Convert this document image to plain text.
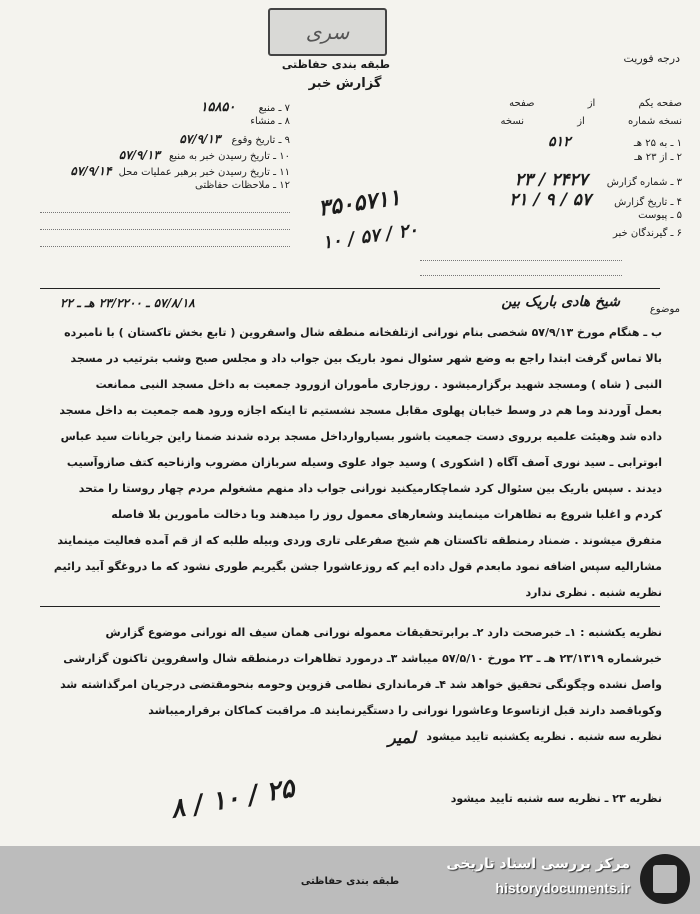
سری
طبقه بندی حفاظتی
گزارش خبر
درجه فوریت
۷ ـ منبع ۱۵۸۵۰
۸ ـ منشاء
۹ ـ تاریخ وقوع ۵۷/۹/۱۳
۱۰ ـ تاریخ رسیدن خبر به منبع ۵۷/۹/۱۳
۱۱ ـ تاریخ رسیدن خبر برهبر عملیات محل ۵۷/۹/۱۴
۱۲ ـ ملاحظات حفاظتی ۳۵۰۵۷۱۱
۱۰ / ۵۷ / ۲۰
صفحه یکم از صفحه
نسخه شماره از نسخه
۱ ـ به ۲۵ هـ ۵۱۲
۲ ـ از ۲۳ هـ
۳ ـ شماره گزارش ۲۴۲۷ / ۲۳
۴ ـ تاریخ گزارش ۵۷ / ۹ / ۲۱
۵ ـ پیوست
۶ ـ گیرندگان خبر
موضوع
شیخ هادی باریک بین
۵۷/۸/۱۸ ـ ۲۳/۲۲۰۰ هـ ـ ۲۲

ب ـ هنگام مورخ ۵۷/۹/۱۳ شخصی بنام نورانی ازتلفخانه منطقه شال واسفروین ( تابع بخش تاکستان ) با نامبرده

بالا تماس گرفت ابتدا راجع به وضع شهر سئوال نمود باریک بین جواب داد و مجلس صبح وشب بترتیب در مسجد

النبی ( شاه ) ومسجد شهید برگزارمیشود . روزجاری مأموران ازورود جمعیت به داخل مسجد النبی ممانعت

بعمل آوردند وما هم در وسط خیابان پهلوی مقابل مسجد نشستیم تا اینکه اجازه ورود همه جمعیت به داخل مسجد

داده شد وهیئت علمیه برروی دست جمعیت باشور بسیاروارداخل مسجد برده شدند ضمنا راین جریانات سید عباس

ابوترابی ـ سید نوری آصف آگاه ( اشکوری ) وسید جواد علوی وسیله سربازان مضروب وازناحیه کتف صازوآسیب

دیدند . سپس باریک بین سئوال کرد شماچکارمیکنید نورانی جواب داد منهم مشغولم مردم چهار روستا را متحد

کردم و اغلبا شروع به تظاهرات مینمایند وشعارهای معمول روز را میدهند وبا دخالت مأمورین بلا فاصله

متفرق میشوند . ضمناد رمنطقه تاکستان هم شیخ صفرعلی تاری وردی وبیله طلبه که از قم آمده فعالیت مینمایند

مشارالیه سپس اضافه نمود مابعدم قول داده ایم که روزعاشورا جشن بگیریم طوری نشود که ما دروغگو آبید رائیم

نظریه شنبه . نظری ندارد

نظریه یکشنبه : ۱ـ خبرصحت دارد ۲ـ برابرتحقیقات معموله نورانی همان سیف اله نورانی موضوع گزارش

خبرشماره ۲۳/۱۳۱۹ هـ ـ ۲۳ مورخ ۵۷/۵/۱۰ میباشد ۳ـ درمورد تظاهرات درمنطقه شال واسفروین تاکنون گزارشی

واصل نشده وچگونگی تحقیق خواهد شد ۴ـ فرمانداری نظامی قزوین وحومه بنحومقتضی درجریان امرگذاشته شد

وکوباقصد دارند قبل ازتاسوعا وعاشورا نورانی را دستگیرنمایند ۵ـ مراقبت کماکان برقرارمیباشد

نظریه سه شنبه . نظریه یکشنبه تایید میشود

نظریه ۲۳ ـ نظریه سه شنبه تایید میشود

۸ / ۱۰ / ۲۵
لمیر
طبقه بندی حفاظتی
مرکز بررسی اسناد تاریخی
historydocuments.ir
